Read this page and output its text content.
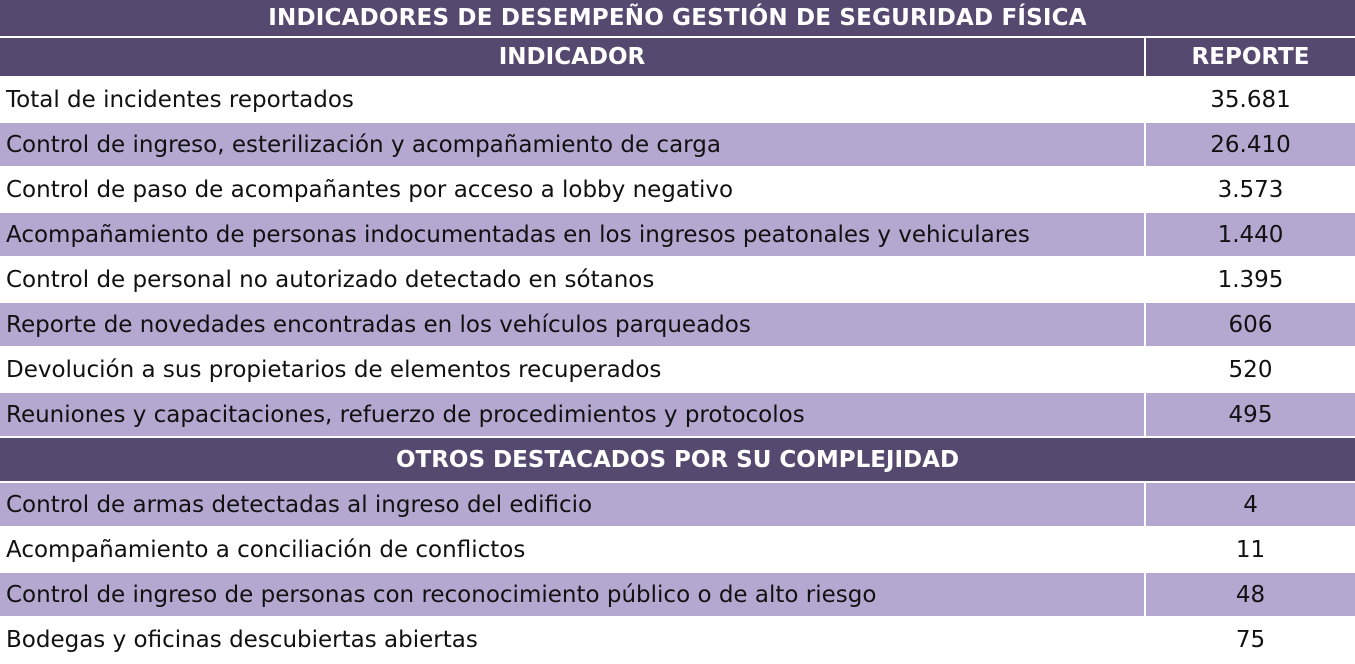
INDICADORES DE DESEMPEÑO GESTIÓN DE SEGURIDAD FÍSICA	
INDICADOR	REPORTE
Total de incidentes reportados	35.681
Control de ingreso, esterilización y acompañamiento de carga	26.410
Control de paso de acompañantes por acceso a lobby negativo	3.573
Acompañamiento de personas indocumentadas en los ingresos peatonales y vehiculares	1.440
Control de personal no autorizado detectado en sótanos	1.395
Reporte de novedades encontradas en los vehículos parqueados	606
Devolución a sus propietarios de elementos recuperados	520
Reuniones y capacitaciones, refuerzo de procedimientos y protocolos	495
OTROS DESTACADOS POR SU COMPLEJIDAD	
Control de armas detectadas al ingreso del edificio	4
Acompañamiento a conciliación de conflictos	11
Control de ingreso de personas con reconocimiento público o de alto riesgo	48
Bodegas y oficinas descubiertas abiertas	75
